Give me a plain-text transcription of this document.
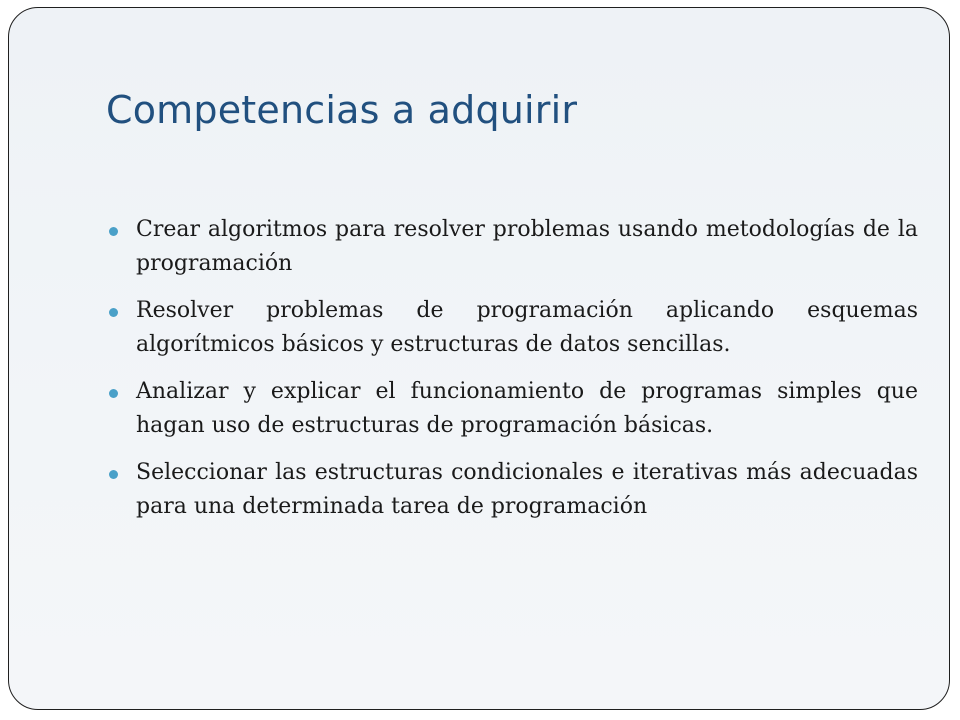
Competencias a adquirir
Crear algoritmos para resolver problemas usando metodologías de la programación
Resolver problemas de programación aplicando esquemas algorítmicos básicos y estructuras de datos sencillas.
Analizar y explicar el funcionamiento de programas simples que hagan uso de estructuras de programación básicas.
Seleccionar las estructuras condicionales e iterativas más adecuadas para una determinada tarea de programación
